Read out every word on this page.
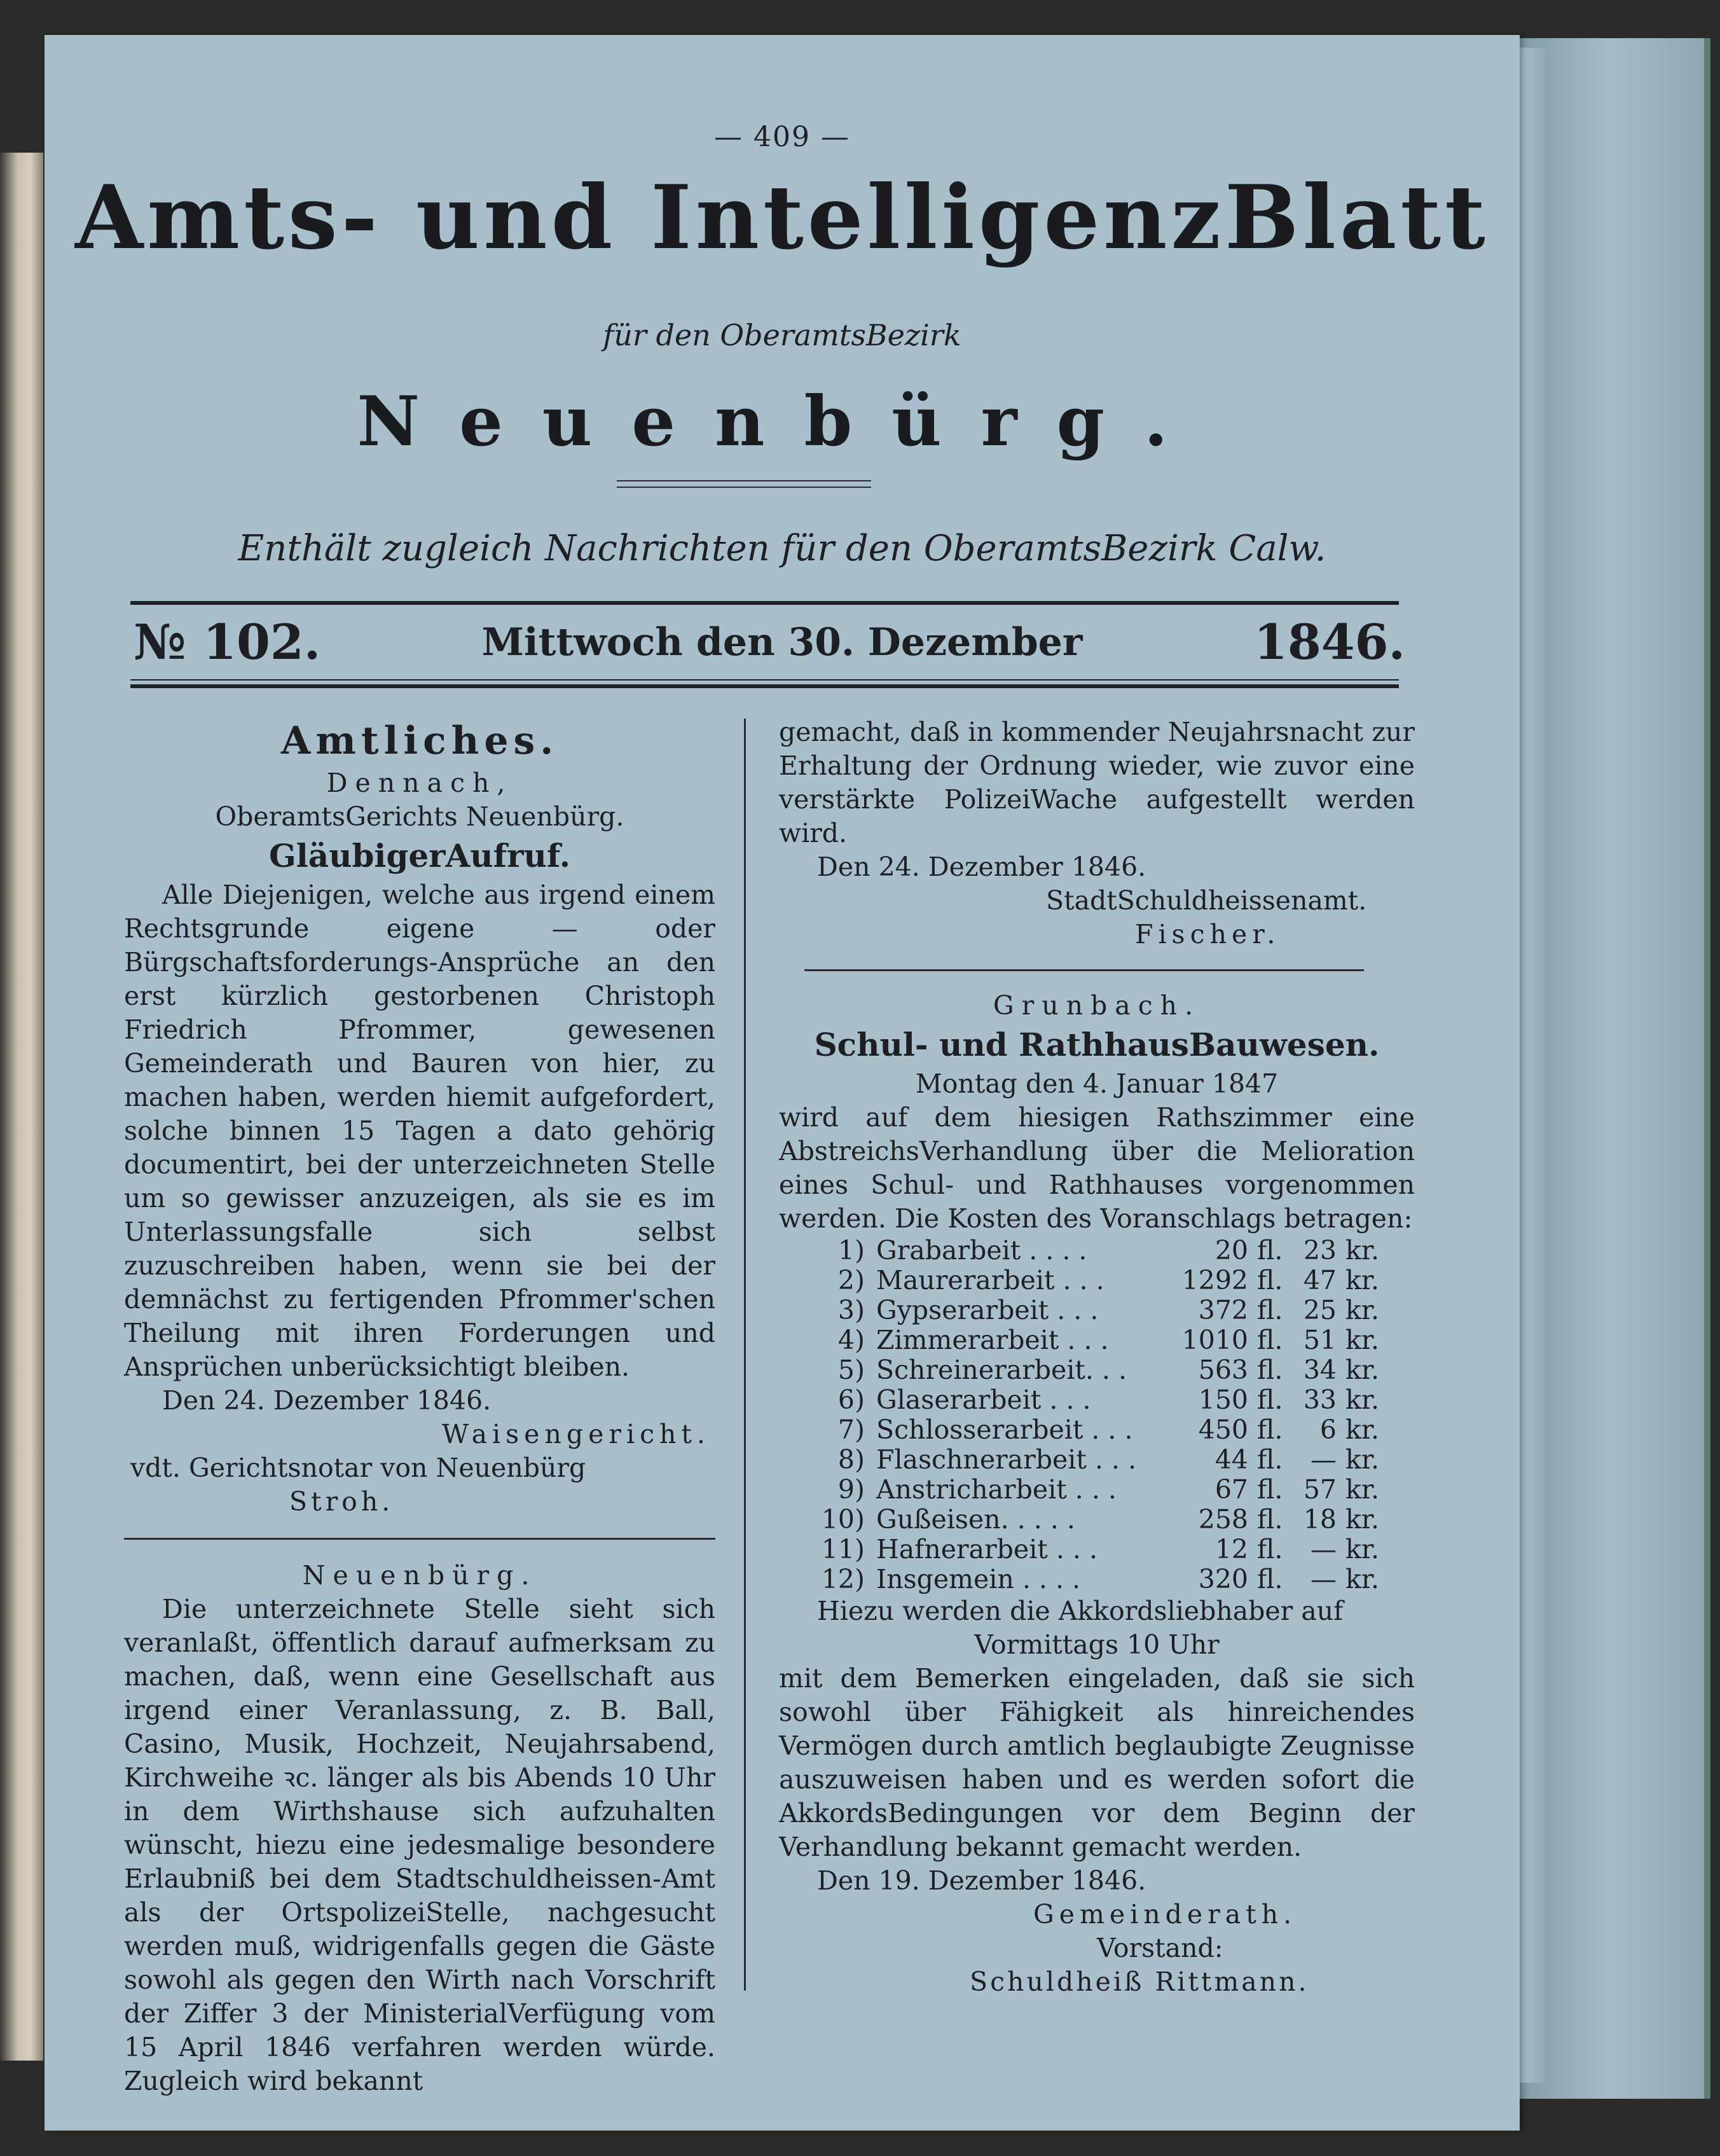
— 409 —
Amts- und IntelligenzBlatt
für den OberamtsBezirk
Neuenbürg.
Enthält zugleich Nachrichten für den OberamtsBezirk Calw.
№ 102.	Mittwoch den 30. Dezember	1846.
Amtliches.
Dennach,
OberamtsGerichts Neuenbürg.
GläubigerAufruf.
Alle Diejenigen, welche aus irgend einem Rechtsgrunde eigene — oder Bürgschaftsforderungs-Ansprüche an den erst kürzlich gestorbenen Christoph Friedrich Pfrommer, gewesenen Gemeinderath und Bauren von hier, zu machen haben, werden hiemit aufgefordert, solche binnen 15 Tagen a dato gehörig documentirt, bei der unterzeichneten Stelle um so gewisser anzuzeigen, als sie es im Unterlassungsfalle sich selbst zuzuschreiben haben, wenn sie bei der demnächst zu fertigenden Pfrommer'schen Theilung mit ihren Forderungen und Ansprüchen unberücksichtigt bleiben.
Den 24. Dezember 1846.
Waisengericht.
vdt. Gerichtsnotar von Neuenbürg
Stroh.
Neuenbürg.
Die unterzeichnete Stelle sieht sich veranlaßt, öffentlich darauf aufmerksam zu machen, daß, wenn eine Gesellschaft aus irgend einer Veranlassung, z. B. Ball, Casino, Musik, Hochzeit, Neujahrsabend, Kirchweihe ꝛc. länger als bis Abends 10 Uhr in dem Wirthshause sich aufzuhalten wünscht, hiezu eine jedesmalige besondere Erlaubniß bei dem Stadtschuldheissen-Amt als der OrtspolizeiStelle, nachgesucht werden muß, widrigenfalls gegen die Gäste sowohl als gegen den Wirth nach Vorschrift der Ziffer 3 der MinisterialVerfügung vom 15 April 1846 verfahren werden würde. Zugleich wird bekannt
gemacht, daß in kommender Neujahrsnacht zur Erhaltung der Ordnung wieder, wie zuvor eine verstärkte PolizeiWache aufgestellt werden wird.
Den 24. Dezember 1846.
StadtSchuldheissenamt.
Fischer.
Grunbach.
Schul- und RathhausBauwesen.
Montag den 4. Januar 1847
wird auf dem hiesigen Rathszimmer eine AbstreichsVerhandlung über die Melioration eines Schul- und Rathhauses vorgenommen werden. Die Kosten des Voranschlags betragen:
1)	Grabarbeit . . . .	20	fl.	23	kr.
2)	Maurerarbeit . . .	1292	fl.	47	kr.
3)	Gypserarbeit . . .	372	fl.	25	kr.
4)	Zimmerarbeit . . .	1010	fl.	51	kr.
5)	Schreinerarbeit. . .	563	fl.	34	kr.
6)	Glaserarbeit . . .	150	fl.	33	kr.
7)	Schlosserarbeit . . .	450	fl.	6	kr.
8)	Flaschnerarbeit . . .	44	fl.	—	kr.
9)	Anstricharbeit . . .	67	fl.	57	kr.
10)	Gußeisen. . . . .	258	fl.	18	kr.
11)	Hafnerarbeit . . .	12	fl.	—	kr.
12)	Insgemein . . . .	320	fl.	—	kr.
Hiezu werden die Akkordsliebhaber auf
Vormittags 10 Uhr
mit dem Bemerken eingeladen, daß sie sich sowohl über Fähigkeit als hinreichendes Vermögen durch amtlich beglaubigte Zeugnisse auszuweisen haben und es werden sofort die AkkordsBedingungen vor dem Beginn der Verhandlung bekannt gemacht werden.
Den 19. Dezember 1846.
Gemeinderath.
Vorstand:
Schuldheiß Rittmann.
